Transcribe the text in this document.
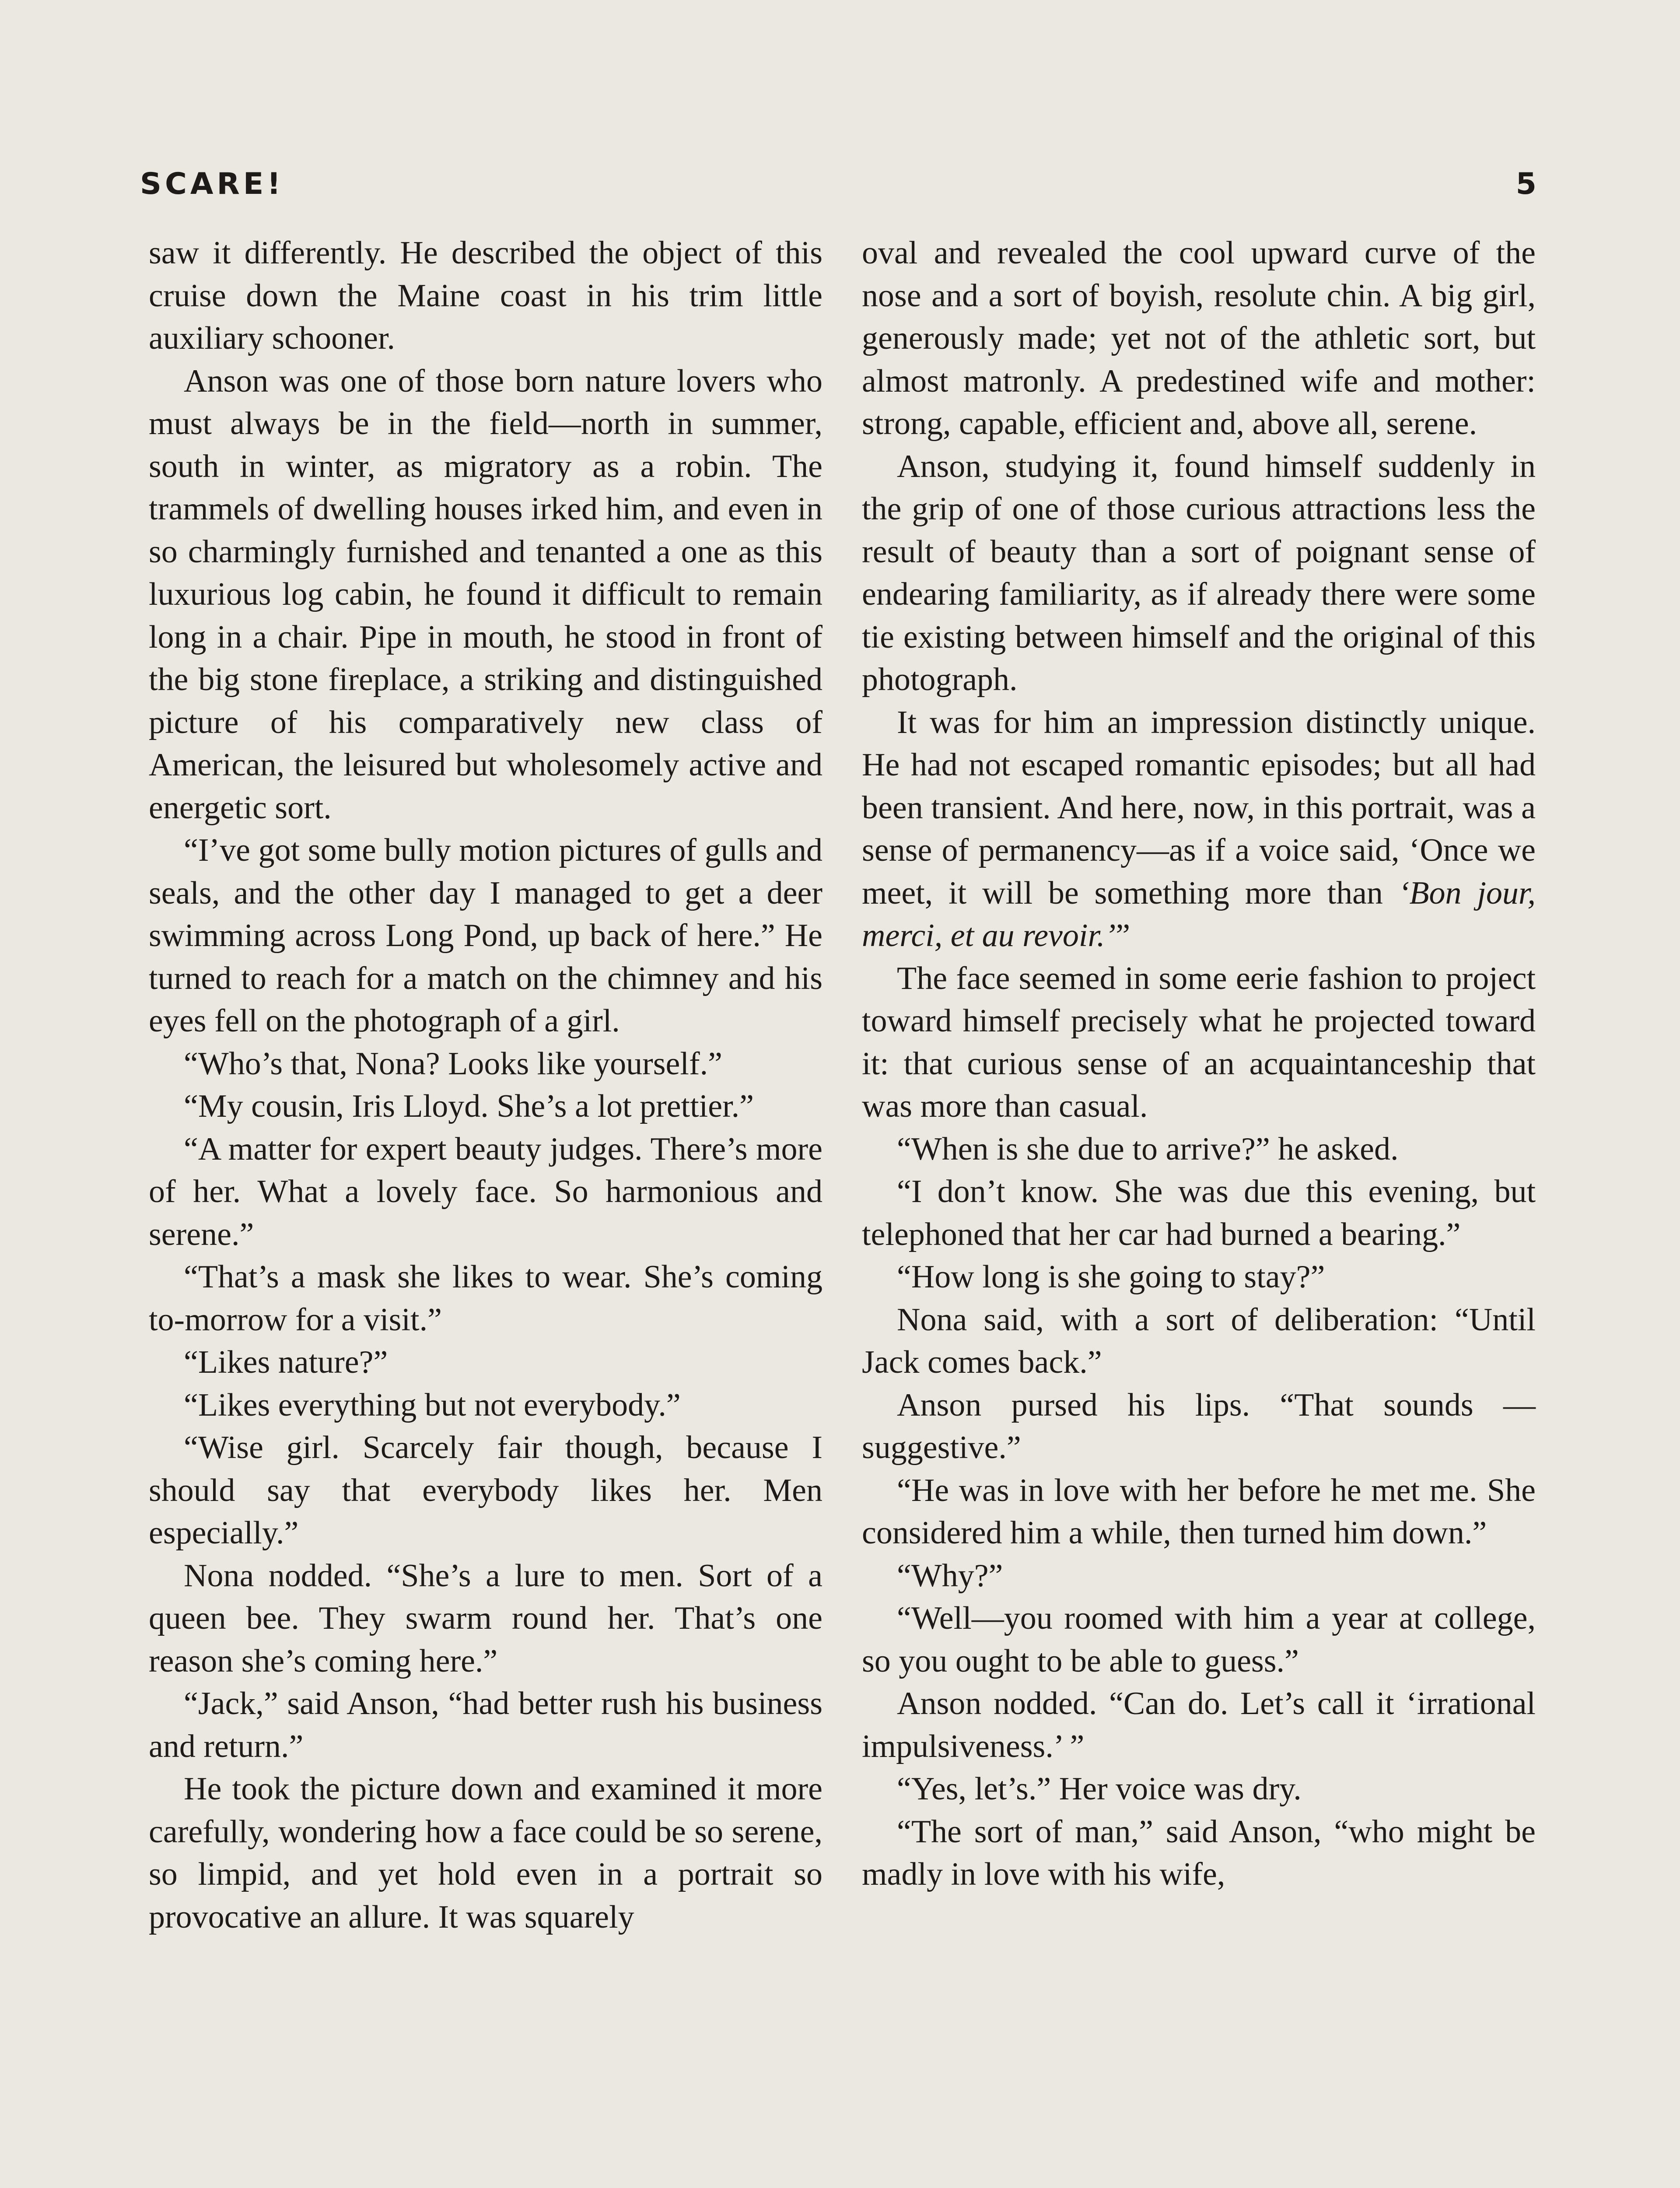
SCARE!	5

saw it differently. He described the object of this cruise down the Maine coast in his trim little auxiliary schooner.

Anson was one of those born nature lovers who must always be in the field—north in summer, south in winter, as migratory as a robin. The trammels of dwelling houses irked him, and even in so charmingly furnished and tenanted a one as this luxurious log cabin, he found it difficult to remain long in a chair. Pipe in mouth, he stood in front of the big stone fireplace, a striking and distinguished picture of his comparatively new class of American, the leisured but wholesomely active and energetic sort.

“I’ve got some bully motion pictures of gulls and seals, and the other day I managed to get a deer swimming across Long Pond, up back of here.” He turned to reach for a match on the chimney and his eyes fell on the photograph of a girl.

“Who’s that, Nona? Looks like yourself.”

“My cousin, Iris Lloyd. She’s a lot prettier.”

“A matter for expert beauty judges. There’s more of her. What a lovely face. So harmonious and serene.”

“That’s a mask she likes to wear. She’s coming to-morrow for a visit.”

“Likes nature?”

“Likes everything but not everybody.”

“Wise girl. Scarcely fair though, because I should say that everybody likes her. Men especially.”

Nona nodded. “She’s a lure to men. Sort of a queen bee. They swarm round her. That’s one reason she’s coming here.”

“Jack,” said Anson, “had better rush his business and return.”

He took the picture down and examined it more carefully, wondering how a face could be so serene, so limpid, and yet hold even in a portrait so provocative an allure. It was squarely

oval and revealed the cool upward curve of the nose and a sort of boyish, resolute chin. A big girl, generously made; yet not of the athletic sort, but almost matronly. A predestined wife and mother: strong, capable, efficient and, above all, serene.

Anson, studying it, found himself suddenly in the grip of one of those curious attractions less the result of beauty than a sort of poignant sense of endearing familiarity, as if already there were some tie existing between himself and the original of this photograph.

It was for him an impression distinctly unique. He had not escaped romantic episodes; but all had been transient. And here, now, in this portrait, was a sense of permanency—as if a voice said, ‘Once we meet, it will be something more than ‘Bon jour, merci, et au revoir.’”

The face seemed in some eerie fashion to project toward himself precisely what he projected toward it: that curious sense of an acquaintanceship that was more than casual.

“When is she due to arrive?” he asked.

“I don’t know. She was due this evening, but telephoned that her car had burned a bearing.”

“How long is she going to stay?”

Nona said, with a sort of deliberation: “Until Jack comes back.”

Anson pursed his lips. “That sounds —suggestive.”

“He was in love with her before he met me. She considered him a while, then turned him down.”

“Why?”

“Well—you roomed with him a year at college, so you ought to be able to guess.”

Anson nodded. “Can do. Let’s call it ‘irrational impulsiveness.’ ”

“Yes, let’s.” Her voice was dry.

“The sort of man,” said Anson, “who might be madly in love with his wife,
